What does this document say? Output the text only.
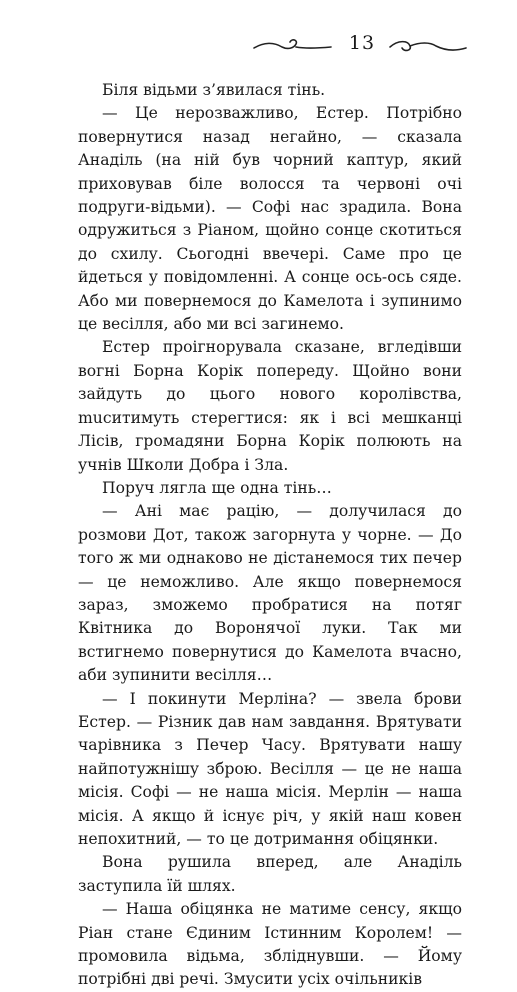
13

Біля відьми з’явилася тінь.

— Це нерозважливо, Естер. Потрібно повернутися назад негайно, — сказала Анаділь (на ній був чорний каптур, який приховував біле волосся та червоні очі подруги-відьми). — Софі нас зрадила. Вона одружиться з Ріаном, щойно сонце скотиться до схилу. Сьогодні ввечері. Саме про це йдеться у повідомленні. А сонце ось-ось сяде. Або ми повернемося до Камелота і зупинимо це весілля, або ми всі загинемо.

Естер проігнорувала сказане, вгледівши вогні Борна Корік попереду. Щойно вони зайдуть до цього нового королівства, muситимуть стерегтися: як і всі мешканці Лісів, громадяни Борна Корік полюють на учнів Школи Добра і Зла.

Поруч лягла ще одна тінь…

— Ані має рацію, — долучилася до розмови Дот, також загорнута у чорне. — До того ж ми однаково не дістанемося тих печер — це неможливо. Але якщо повернемося зараз, зможемо пробратися на потяг Квітника до Воронячої луки. Так ми встигнемо повернутися до Камелота вчасно, аби зупинити весілля…

— І покинути Мерліна? — звела брови Естер. — Різник дав нам завдання. Врятувати чарівника з Печер Часу. Врятувати нашу найпотужнішу зброю. Весілля — це не наша місія. Софі — не наша місія. Мерлін — наша місія. А якщо й існує річ, у якій наш ковен непохитний, — то це дотримання обіцянки.

Вона рушила вперед, але Анаділь заступила їй шлях.

— Наша обіцянка не матиме сенсу, якщо Ріан стане Єдиним Істинним Королем! — промовила відьма, збліднувши. — Йому потрібні дві речі. Змусити усіх очільників
